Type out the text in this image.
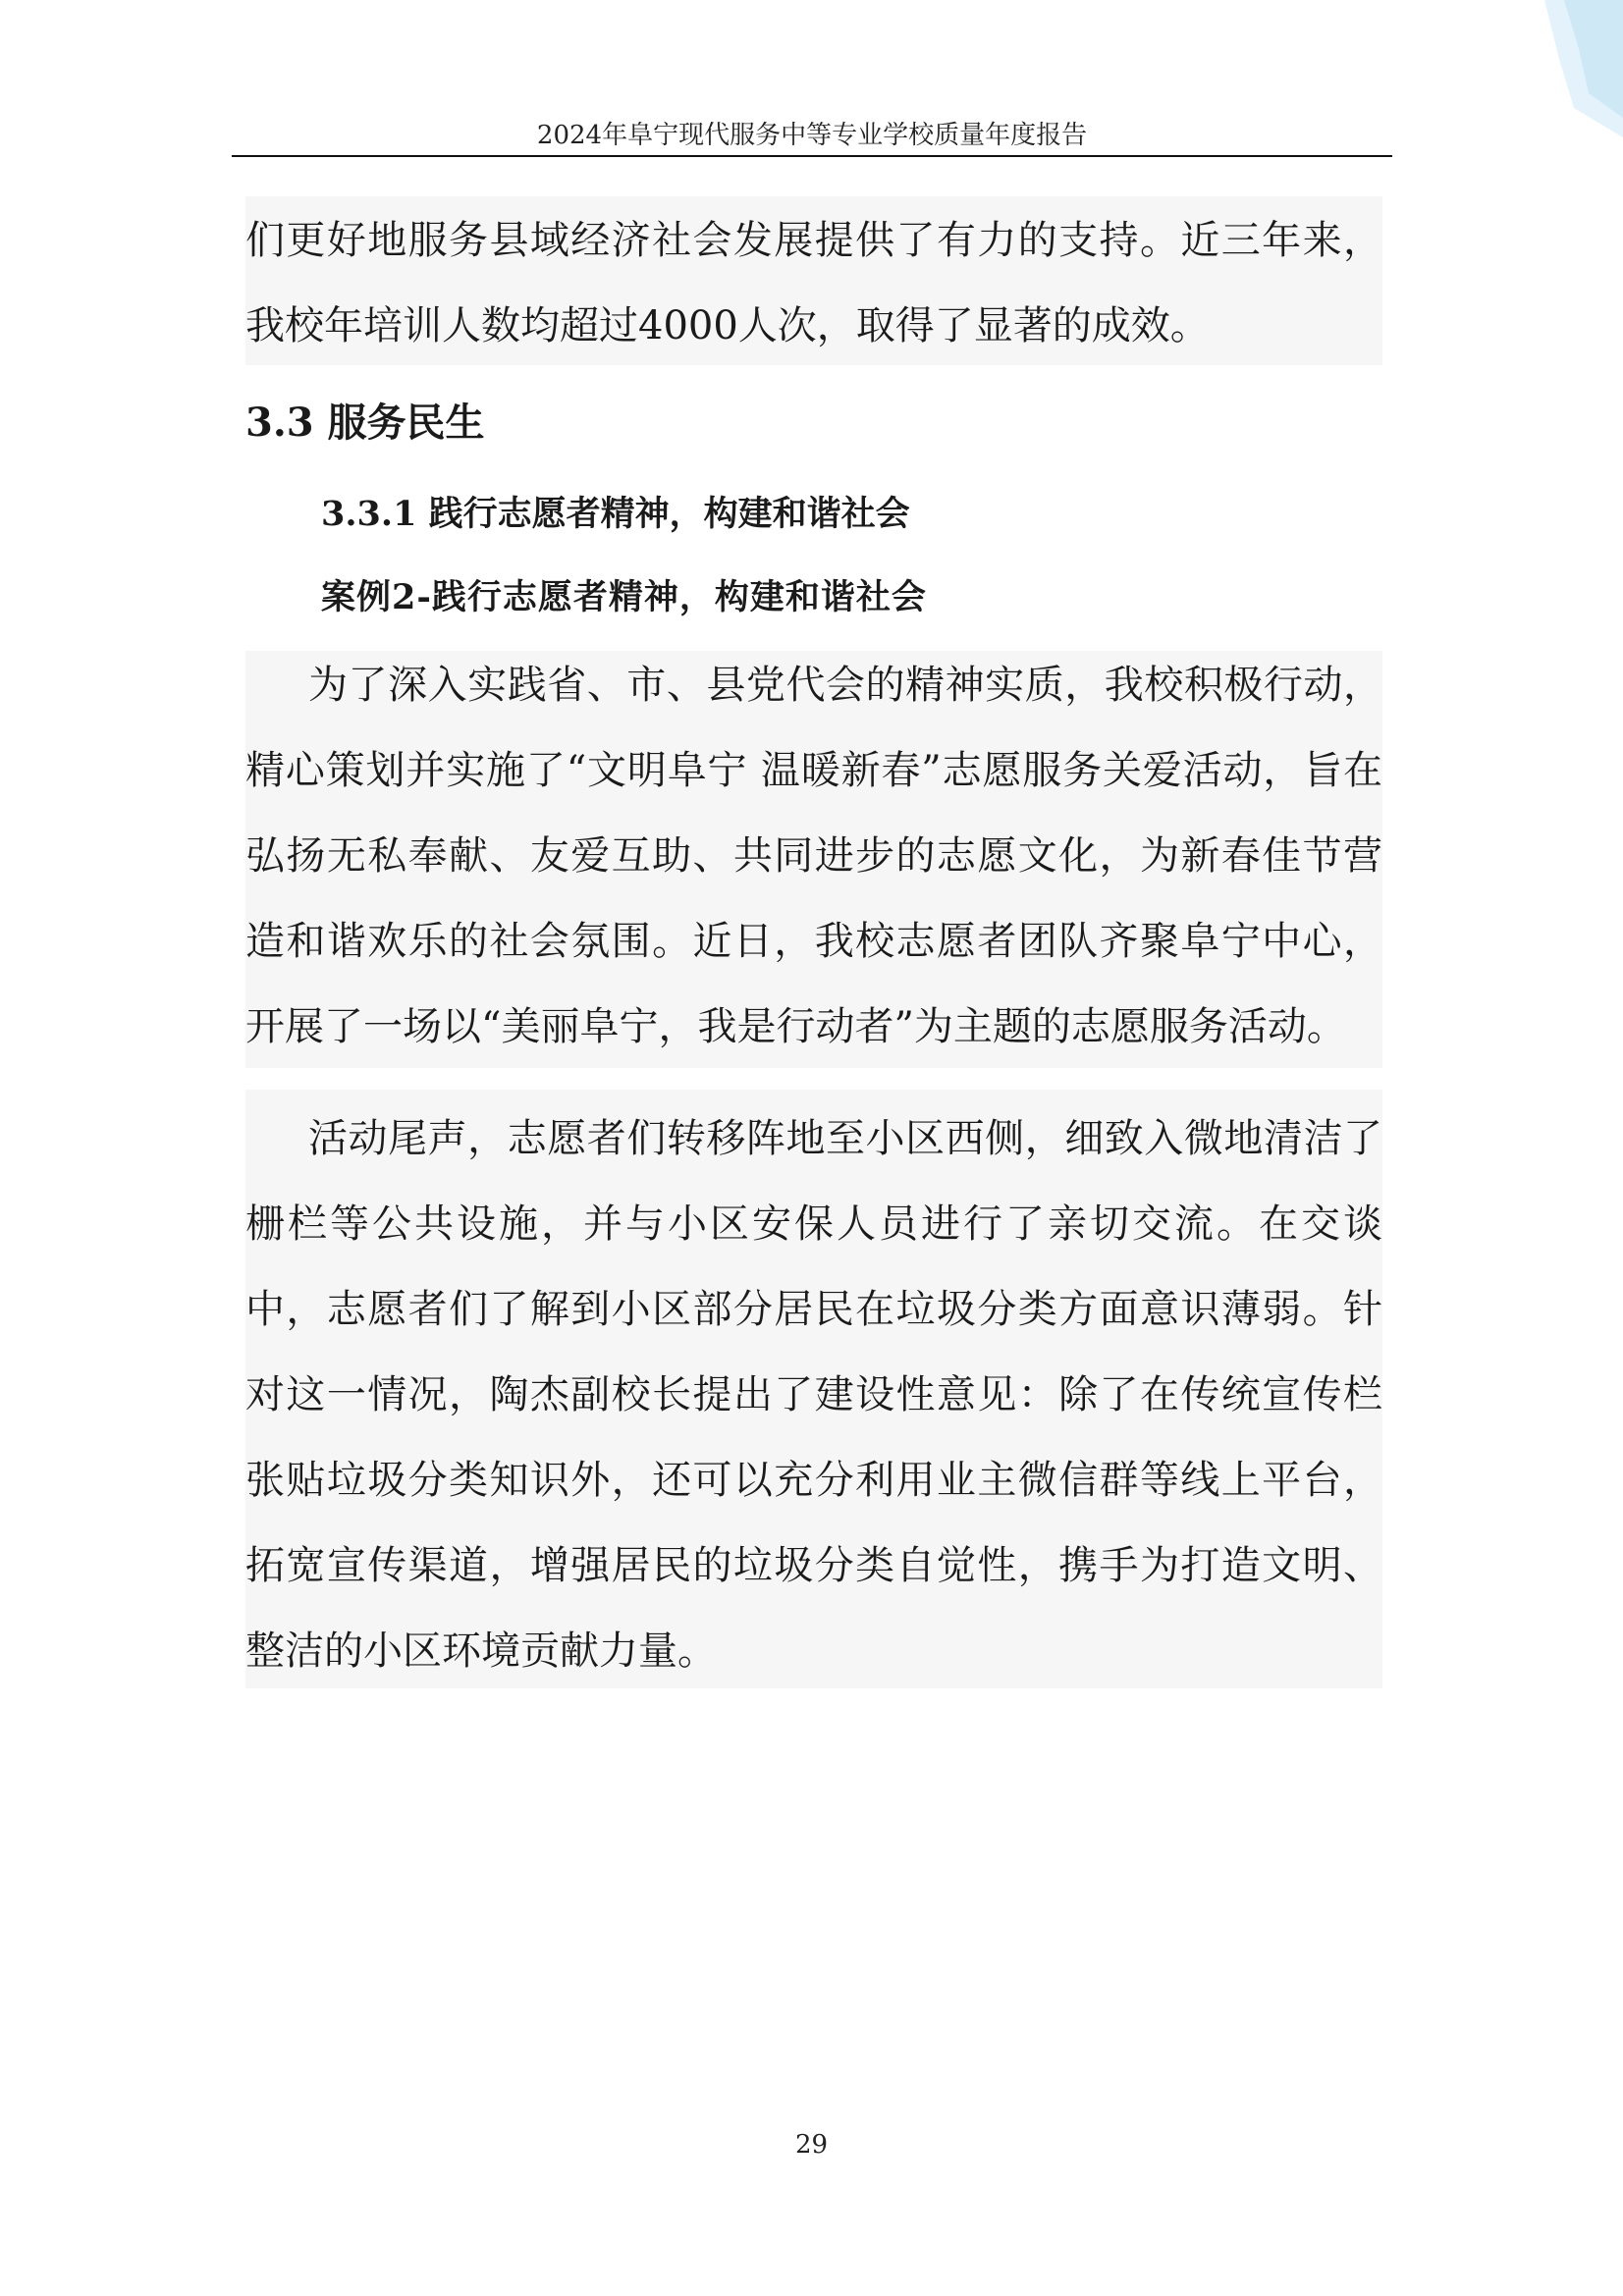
2024年阜宁现代服务中等专业学校质量年度报告

们更好地服务县域经济社会发展提供了有力的支持。近三年来，我校年培训人数均超过4000人次，取得了显著的成效。

3.3 服务民生
3.3.1 践行志愿者精神，构建和谐社会
案例2-践行志愿者精神，构建和谐社会

为了深入实践省、市、县党代会的精神实质，我校积极行动，精心策划并实施了“文明阜宁 温暖新春”志愿服务关爱活动，旨在弘扬无私奉献、友爱互助、共同进步的志愿文化，为新春佳节营造和谐欢乐的社会氛围。近日，我校志愿者团队齐聚阜宁中心，开展了一场以“美丽阜宁，我是行动者”为主题的志愿服务活动。

活动尾声，志愿者们转移阵地至小区西侧，细致入微地清洁了栅栏等公共设施，并与小区安保人员进行了亲切交流。在交谈中，志愿者们了解到小区部分居民在垃圾分类方面意识薄弱。针对这一情况，陶杰副校长提出了建设性意见：除了在传统宣传栏张贴垃圾分类知识外，还可以充分利用业主微信群等线上平台，拓宽宣传渠道，增强居民的垃圾分类自觉性，携手为打造文明、整洁的小区环境贡献力量。

29
